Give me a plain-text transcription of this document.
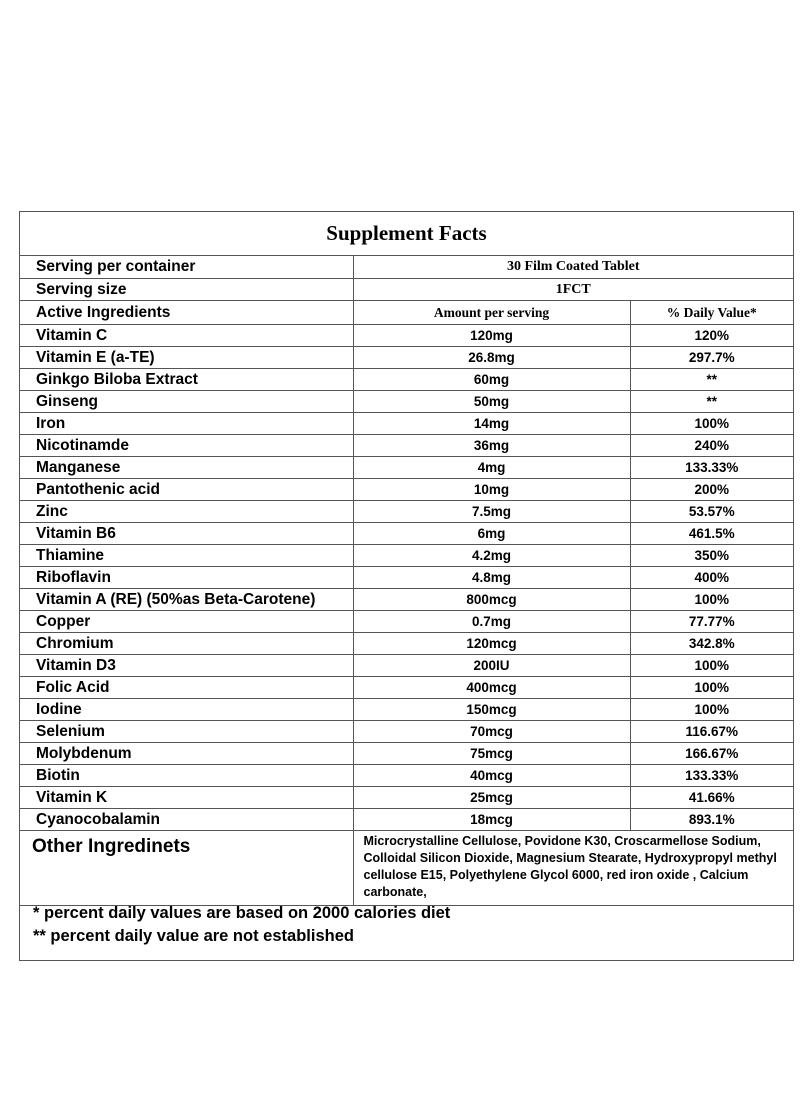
Supplement Facts
Serving per container	30 Film Coated Tablet	
Serving size	1FCT	
Active Ingredients	Amount per serving	% Daily Value*
Vitamin C	120mg	120%
Vitamin E (a-TE)	26.8mg	297.7%
Ginkgo Biloba Extract	60mg	**
Ginseng	50mg	**
Iron	14mg	100%
Nicotinamde	36mg	240%
Manganese	4mg	133.33%
Pantothenic acid	10mg	200%
Zinc	7.5mg	53.57%
Vitamin B6	6mg	461.5%
Thiamine	4.2mg	350%
Riboflavin	4.8mg	400%
Vitamin A (RE) (50%as Beta-Carotene)	800mcg	100%
Copper	0.7mg	77.77%
Chromium	120mcg	342.8%
Vitamin D3	200IU	100%
Folic Acid	400mcg	100%
Iodine	150mcg	100%
Selenium	70mcg	116.67%
Molybdenum	75mcg	166.67%
Biotin	40mcg	133.33%
Vitamin K	25mcg	41.66%
Cyanocobalamin	18mcg	893.1%
Other Ingredinets	Microcrystalline Cellulose, Povidone K30, Croscarmellose Sodium, Colloidal Silicon Dioxide, Magnesium Stearate, Hydroxypropyl methyl cellulose E15, Polyethylene Glycol 6000, red iron oxide , Calcium carbonate,	
* percent daily values are based on 2000 calories diet
** percent daily value are not established
